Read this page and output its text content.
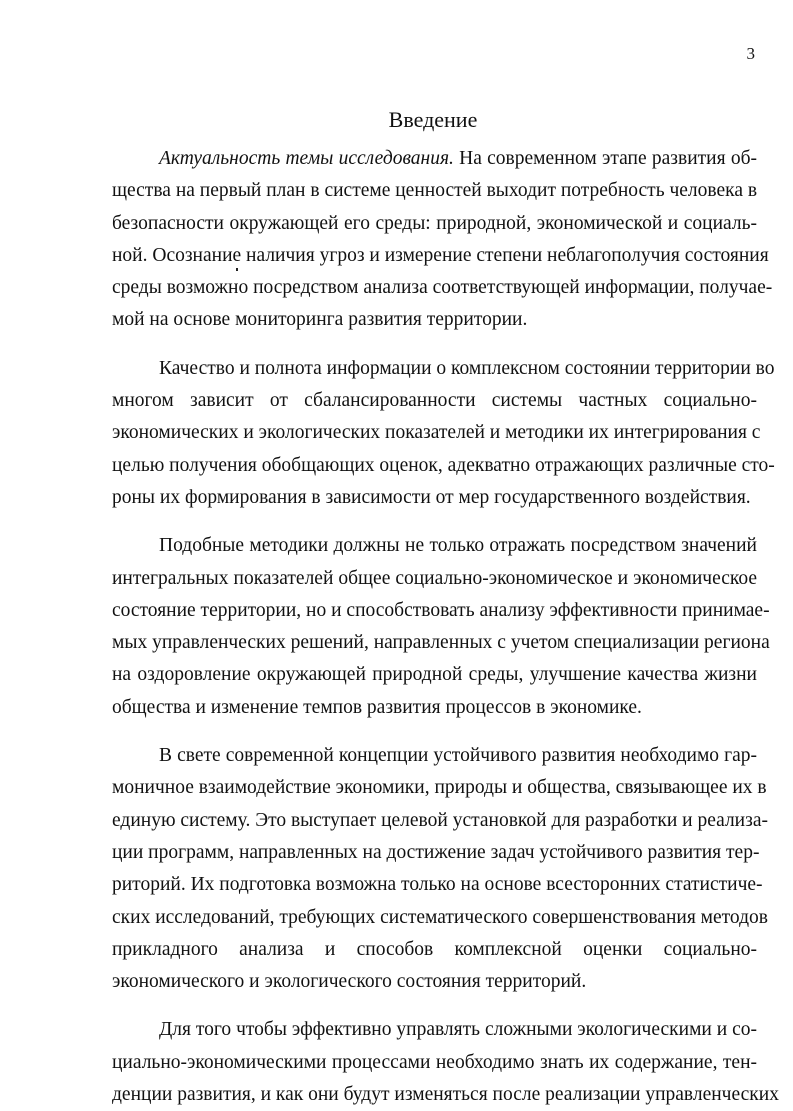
3
Введение

Актуальность темы исследования. На современном этапе развития об-
щества на первый план в системе ценностей выходит потребность человека в
безопасности окружающей его среды: природной, экономической и социаль-
ной. Осознание наличия угроз и измерение степени неблагополучия состояния
среды возможно посредством анализа соответствующей информации, получае-
мой на основе мониторинга развития территории.

Качество и полнота информации о комплексном состоянии территории во
многом зависит от сбалансированности системы частных социально-
экономических и экологических показателей и методики их интегрирования с
целью получения обобщающих оценок, адекватно отражающих различные сто-
роны их формирования в зависимости от мер государственного воздействия.

Подобные методики должны не только отражать посредством значений
интегральных показателей общее социально-экономическое и экономическое
состояние территории, но и способствовать анализу эффективности принимае-
мых управленческих решений, направленных с учетом специализации региона
на оздоровление окружающей природной среды, улучшение качества жизни
общества и изменение темпов развития процессов в экономике.

В свете современной концепции устойчивого развития необходимо гар-
моничное взаимодействие экономики, природы и общества, связывающее их в
единую систему. Это выступает целевой установкой для разработки и реализа-
ции программ, направленных на достижение задач устойчивого развития тер-
риторий. Их подготовка возможна только на основе всесторонних статистиче-
ских исследований, требующих систематического совершенствования методов
прикладного анализа и способов комплексной оценки социально-
экономического и экологического состояния территорий.

Для того чтобы эффективно управлять сложными экологическими и со-
циально-экономическими процессами необходимо знать их содержание, тен-
денции развития, и как они будут изменяться после реализации управленческих
